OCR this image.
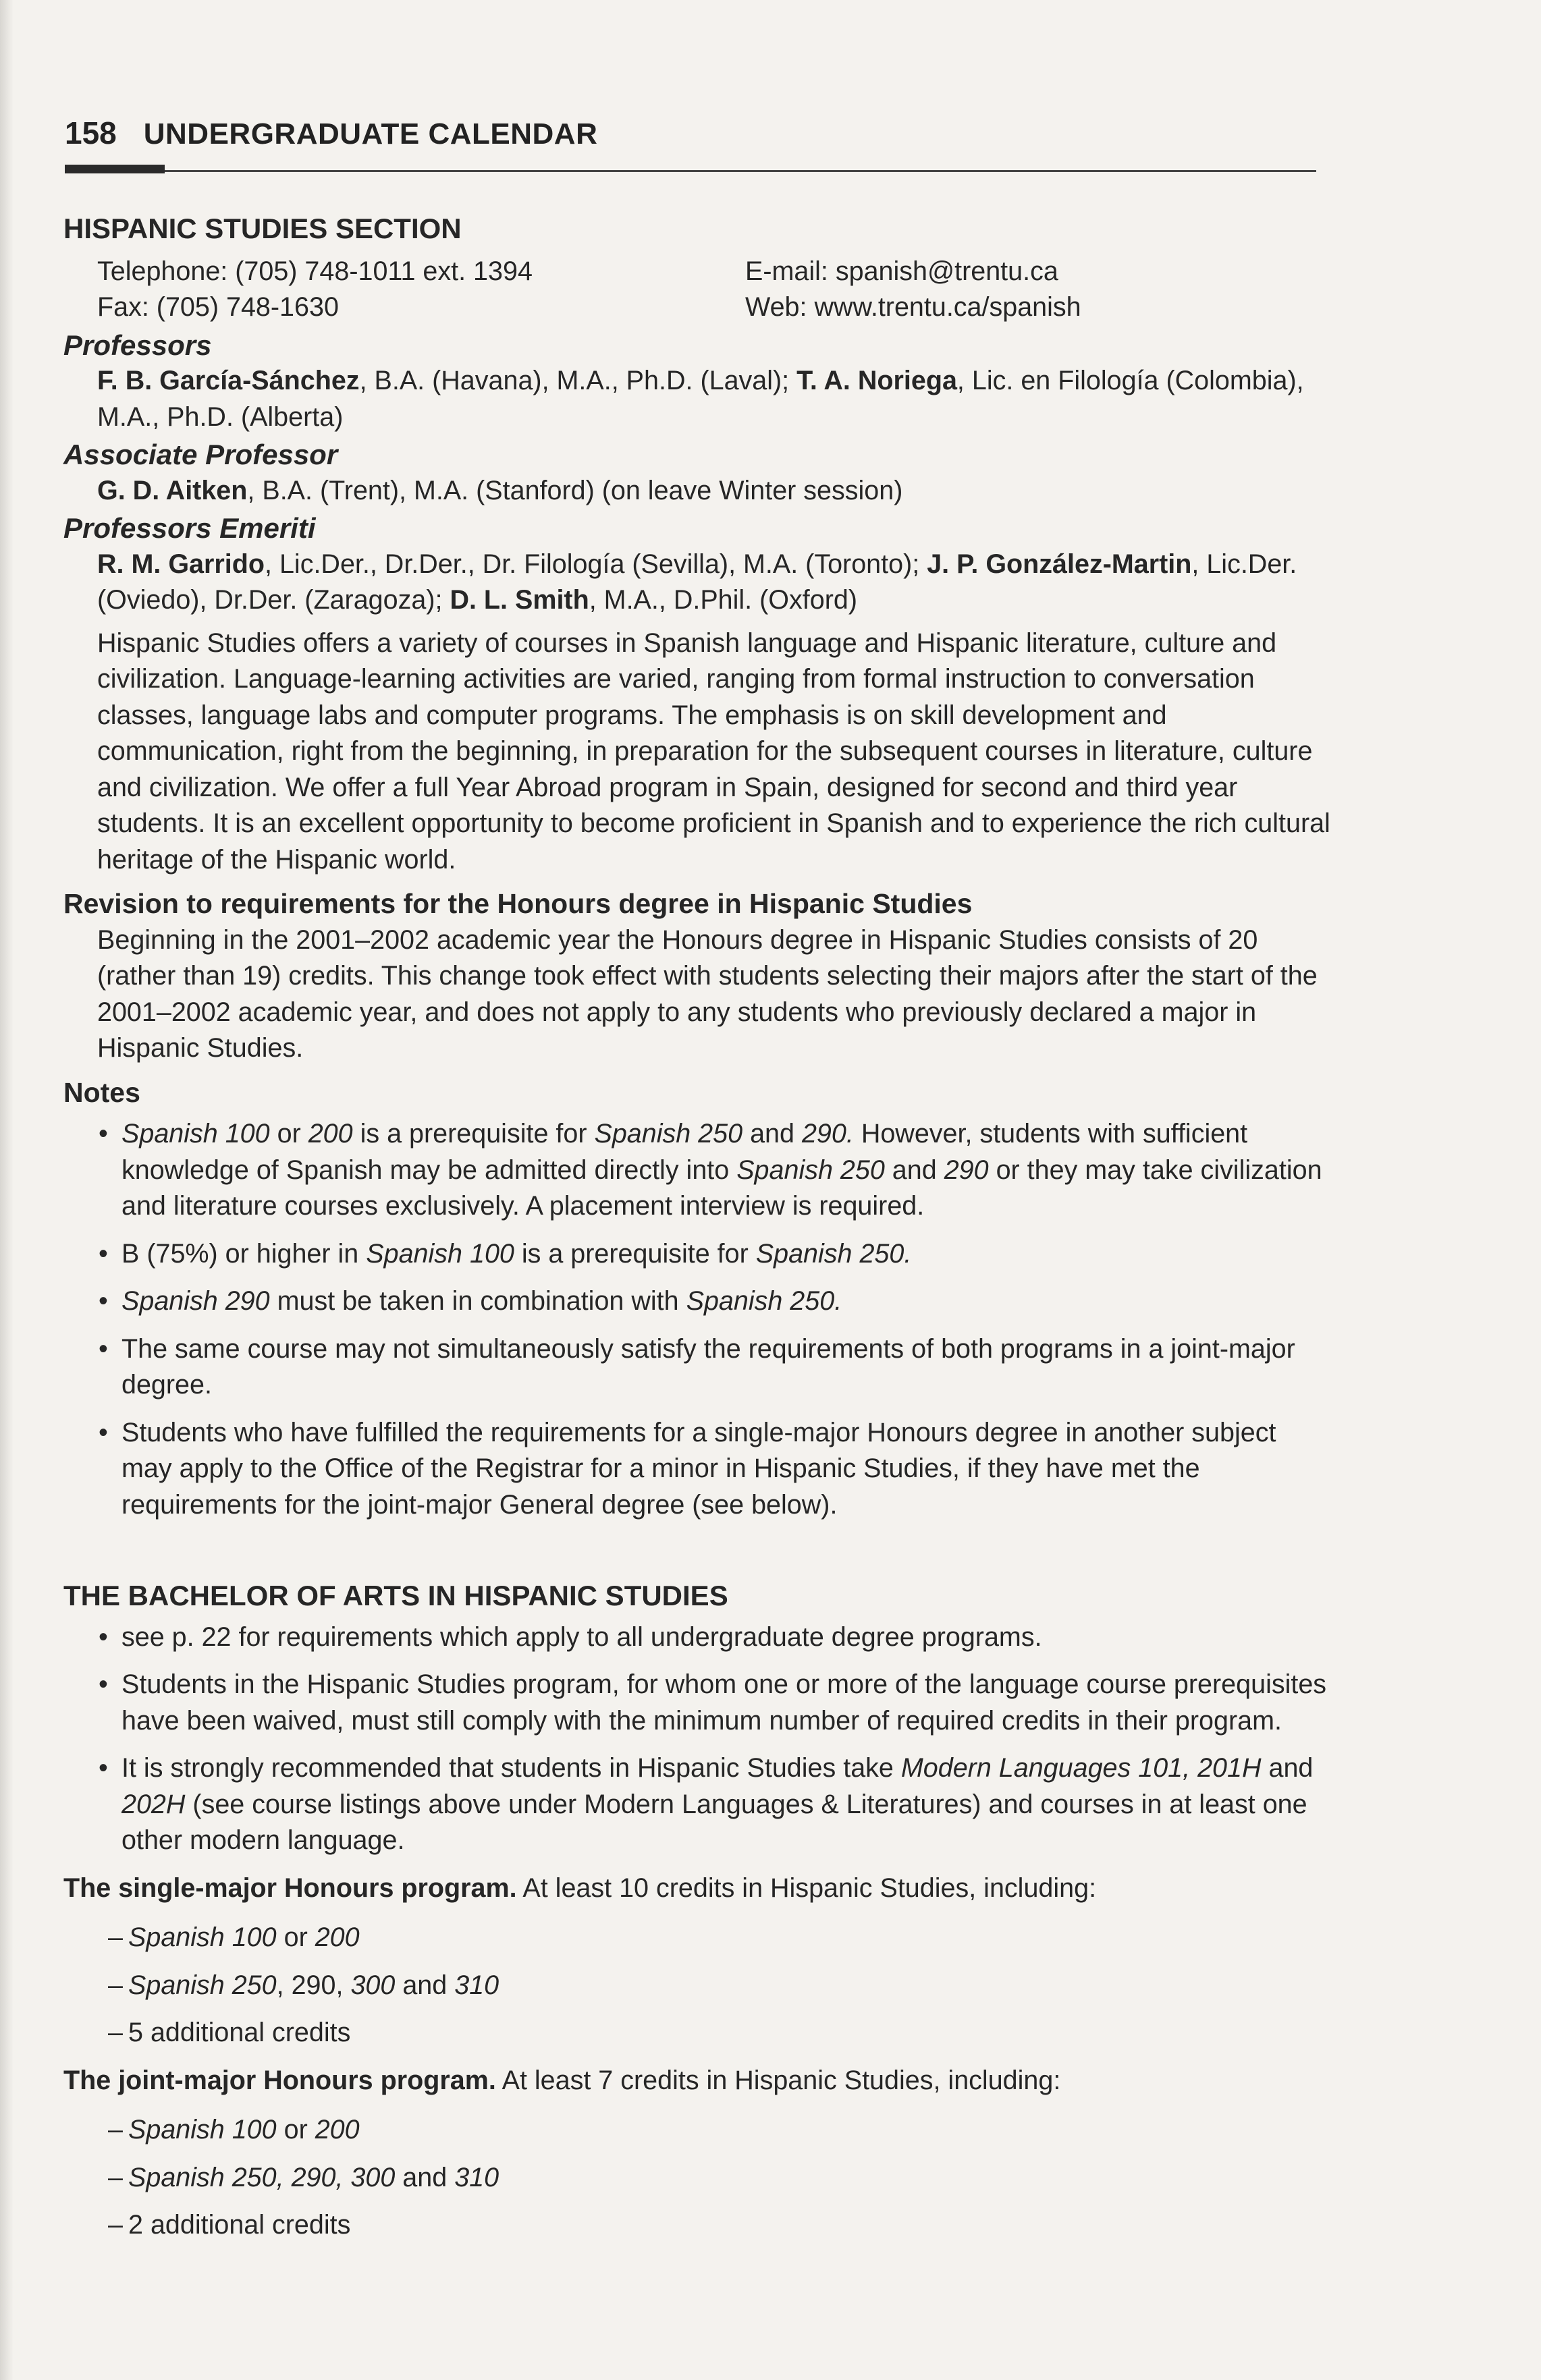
158 UNDERGRADUATE CALENDAR
HISPANIC STUDIES SECTION
Telephone: (705) 748-1011 ext. 1394	E-mail: spanish@trentu.ca
Fax: (705) 748-1630	Web: www.trentu.ca/spanish
Professors
F. B. García-Sánchez, B.A. (Havana), M.A., Ph.D. (Laval); T. A. Noriega, Lic. en Filología (Colombia), M.A., Ph.D. (Alberta)
Associate Professor
G. D. Aitken, B.A. (Trent), M.A. (Stanford) (on leave Winter session)
Professors Emeriti
R. M. Garrido, Lic.Der., Dr.Der., Dr. Filología (Sevilla), M.A. (Toronto); J. P. González-Martin, Lic.Der. (Oviedo), Dr.Der. (Zaragoza); D. L. Smith, M.A., D.Phil. (Oxford)
Hispanic Studies offers a variety of courses in Spanish language and Hispanic literature, culture and civilization. Language-learning activities are varied, ranging from formal instruction to conversation classes, language labs and computer programs. The emphasis is on skill development and communication, right from the beginning, in preparation for the subsequent courses in literature, culture and civilization. We offer a full Year Abroad program in Spain, designed for second and third year students. It is an excellent opportunity to become proficient in Spanish and to experience the rich cultural heritage of the Hispanic world.
Revision to requirements for the Honours degree in Hispanic Studies
Beginning in the 2001–2002 academic year the Honours degree in Hispanic Studies consists of 20 (rather than 19) credits. This change took effect with students selecting their majors after the start of the 2001–2002 academic year, and does not apply to any students who previously declared a major in Hispanic Studies.
Notes
• Spanish 100 or 200 is a prerequisite for Spanish 250 and 290. However, students with sufficient knowledge of Spanish may be admitted directly into Spanish 250 and 290 or they may take civilization and literature courses exclusively. A placement interview is required.
• B (75%) or higher in Spanish 100 is a prerequisite for Spanish 250.
• Spanish 290 must be taken in combination with Spanish 250.
• The same course may not simultaneously satisfy the requirements of both programs in a joint-major degree.
• Students who have fulfilled the requirements for a single-major Honours degree in another subject may apply to the Office of the Registrar for a minor in Hispanic Studies, if they have met the requirements for the joint-major General degree (see below).
THE BACHELOR OF ARTS IN HISPANIC STUDIES
• see p. 22 for requirements which apply to all undergraduate degree programs.
• Students in the Hispanic Studies program, for whom one or more of the language course prerequisites have been waived, must still comply with the minimum number of required credits in their program.
• It is strongly recommended that students in Hispanic Studies take Modern Languages 101, 201H and 202H (see course listings above under Modern Languages & Literatures) and courses in at least one other modern language.
The single-major Honours program. At least 10 credits in Hispanic Studies, including:
– Spanish 100 or 200
– Spanish 250, 290, 300 and 310
– 5 additional credits
The joint-major Honours program. At least 7 credits in Hispanic Studies, including:
– Spanish 100 or 200
– Spanish 250, 290, 300 and 310
– 2 additional credits
